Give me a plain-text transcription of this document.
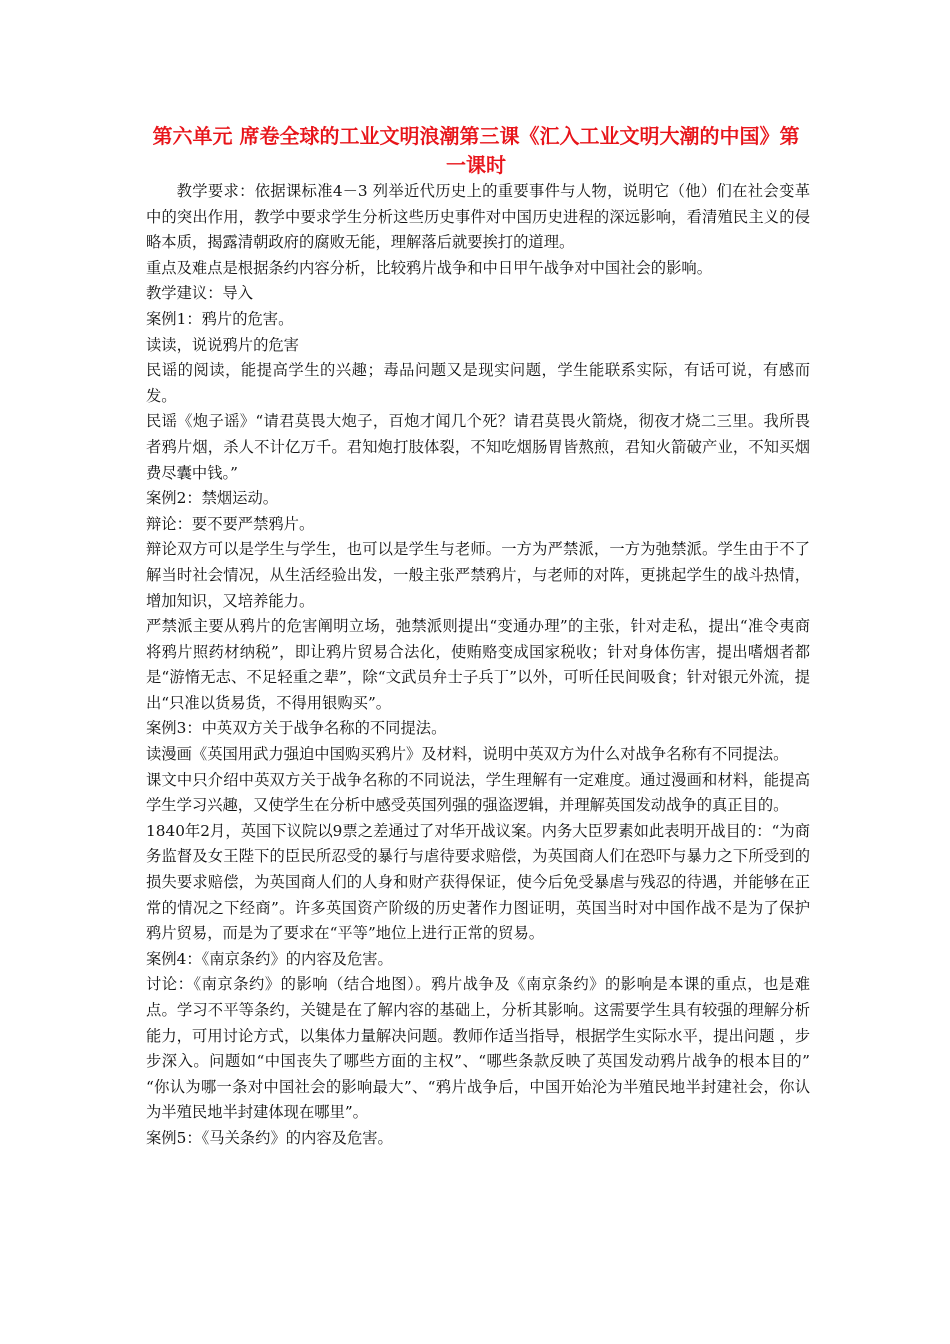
第六单元 席卷全球的工业文明浪潮第三课《汇入工业文明大潮的中国》第一课时

教学要求：依据课标准4－3 列举近代历史上的重要事件与人物，说明它（他）们在社会变革中的突出作用，教学中要求学生分析这些历史事件对中国历史进程的深远影响，看清殖民主义的侵略本质，揭露清朝政府的腐败无能，理解落后就要挨打的道理。

重点及难点是根据条约内容分析，比较鸦片战争和中日甲午战争对中国社会的影响。

教学建议：导入

案例1：鸦片的危害。

读读，说说鸦片的危害

民谣的阅读，能提高学生的兴趣；毒品问题又是现实问题，学生能联系实际，有话可说，有感而发。

民谣《炮子谣》“请君莫畏大炮子，百炮才闻几个死？请君莫畏火箭烧，彻夜才烧二三里。我所畏者鸦片烟，杀人不计亿万千。君知炮打肢体裂，不知吃烟肠胃皆熬煎，君知火箭破产业，不知买烟费尽囊中钱。”

案例2：禁烟运动。

辩论：要不要严禁鸦片。

辩论双方可以是学生与学生，也可以是学生与老师。一方为严禁派，一方为弛禁派。学生由于不了解当时社会情况，从生活经验出发，一般主张严禁鸦片，与老师的对阵，更挑起学生的战斗热情，增加知识，又培养能力。

严禁派主要从鸦片的危害阐明立场，弛禁派则提出“变通办理”的主张，针对走私，提出“准令夷商将鸦片照药材纳税”，即让鸦片贸易合法化，使贿赂变成国家税收；针对身体伤害，提出嗜烟者都是“游惰无志、不足轻重之辈”，除“文武员弁士子兵丁”以外，可听任民间吸食；针对银元外流，提出“只准以货易货，不得用银购买”。

案例3：中英双方关于战争名称的不同提法。

读漫画《英国用武力强迫中国购买鸦片》及材料，说明中英双方为什么对战争名称有不同提法。

课文中只介绍中英双方关于战争名称的不同说法，学生理解有一定难度。通过漫画和材料，能提高学生学习兴趣，又使学生在分析中感受英国列强的强盗逻辑，并理解英国发动战争的真正目的。

1840年2月，英国下议院以9票之差通过了对华开战议案。内务大臣罗素如此表明开战目的：“为商务监督及女王陛下的臣民所忍受的暴行与虐待要求赔偿，为英国商人们在恐吓与暴力之下所受到的损失要求赔偿，为英国商人们的人身和财产获得保证，使今后免受暴虐与残忍的待遇，并能够在正常的情况之下经商”。许多英国资产阶级的历史著作力图证明，英国当时对中国作战不是为了保护鸦片贸易，而是为了要求在“平等”地位上进行正常的贸易。

案例4：《南京条约》的内容及危害。

讨论：《南京条约》的影响（结合地图）。鸦片战争及《南京条约》的影响是本课的重点，也是难点。学习不平等条约，关键是在了解内容的基础上，分析其影响。这需要学生具有较强的理解分析能力，可用讨论方式，以集体力量解决问题。教师作适当指导，根据学生实际水平，提出问题 ，步步深入。问题如“中国丧失了哪些方面的主权”、“哪些条款反映了英国发动鸦片战争的根本目的” “你认为哪一条对中国社会的影响最大”、“鸦片战争后，中国开始沦为半殖民地半封建社会，你认为半殖民地半封建体现在哪里”。

案例5：《马关条约》的内容及危害。
